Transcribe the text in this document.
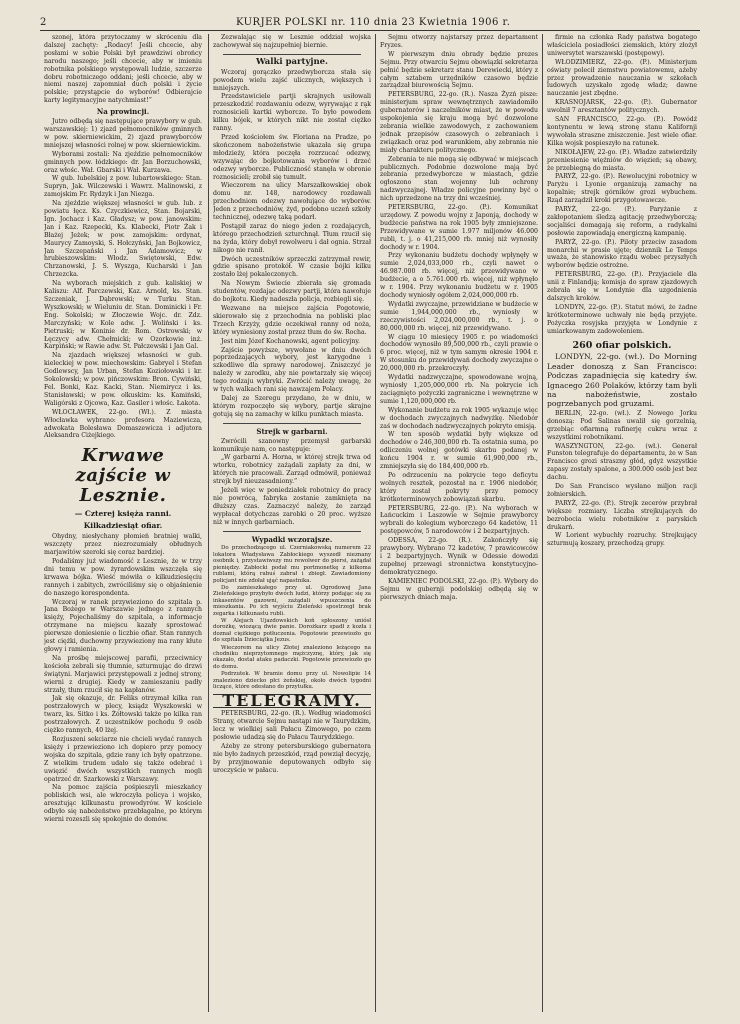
2	KURJER POLSKI nr. 110 dnia 23 Kwietnia 1906 r.

szonej, która przytoczamy w skróceniu dla dalszej zachęty: „Rodacy! Jeśli chcecie, aby posłami w sobie Polski był prawdziwi obrońcy narodu naszego; jeśli chcecie, aby w imieniu robotnika polskiego występowali ludzie, szczerze dobru robotniczego oddani; jeśli chcecie, aby w niemi naszej zapomniał duch polski i życie polskie; przystąpcie do wyborów! Odbierajcie karty legitymacyjne natychmiast!”

Na prowincji.

Jutro odbędą się następujące prawybory w gub. warszawskiej: 1) zjazd pełnomocników gminnych w pow. skierniewickim, 2) zjazd prawyborców mniejszej własności rolnej w pow. skierniewickim.

Wyborami zostali: Na zjeździe pełnomocników gminnych pow. łódzkiego: dr. Jan Borzuchowski, oraz włośc. Wał. Gbarski i Wał. Kurzawa.

W gub. lubelskiej z pow. lubartowskiego: Stan. Supryn, Jak. Wilczewski i Wawrz. Malinowski, z zamojskim Fr. Rydzyk i Jan Niezga.

Na zjeździe większej własności w gub. lub. z powiatu łęcz. Ks. Czyczkiewicz, Stan. Bojarski, Ign. Jochacz i Kaz. Gładysz; w pow. janowskim: Jan i Kaz. Rzepecki, Ks. Klabecki, Piotr Żak i Błażej Jeżek; w pow. zamojskim: ordynat, Maurycy Zamoyski, S. Hołczyński, Jan Bojkowicz, Jan Szczepański i Jan Adamowicz; w hrubieszowskim: Włodz. Swiętowski, Edw. Chrzanowski, J. S. Wyszga, Kucharski i Jan Chrzezcka.

Na wyborach miejskich z gub. kaliskiej w Kaliszu: Alf. Parczewski, Kaz. Arnold, ks. Stan. Szczeniak, J. Dąbrowski; w Turku Stan. Wyszkowski; w Wieluniu dr. Stan. Dominicki i Fr. Eng. Sokolski; w Złoczewie Wojc. dr. Zdz. Marczyński; w Kole adw. J. Woliński i ks. Pietruski; w Koninie dr. Rom. Ostrowski; w Łęczycy adw. Chełmicki; w Ozorkowie inż. Karpiński; w Rawie adw. St. Pałczewski i Jan Gal.

Na zjazdach większej własności w gub. kieleckiej w pow. miechowskim: Gabryel i Stefan Godlewscy, Jan Urban, Stefan Koziołowski i kr. Sokolowski; w pow. pińczowskim: Bron. Cywiński, Fel. Bonki, Kaz. Kacki, Stan. Niemirycz i ks. Stanisławski; w pow. olkuskim: ks. Kamiński, Waligórski z Ojcowa, Kaz. Gasiler i włośc. Łakota.

WŁOCŁAWEK, 22-go. (Wł.). Z miasta Włocławka wybrano: profesora Maziewicza, adwokata Bolesława Domaszewicza i adjutora Aleksandra Ciżejkiego.

Krwawe zajście w Lesznie.
— Czterej księża ranni.
Kilkadziesiąt ofiar.

Ohydny, niesłychany płomień bratniej walki, wszczęty przez niezrozumiały obłudnych marjawitów szeroki się coraz bardziej.

Podaliśmy już wiadomość z Lesznie, że w trzy dni temu w pow. żyrardowskim wszczęła się krwawa bójka. Wieść mówiła o kilkudziesięciu rannych i zabitych, zwróciliśmy się o objaśnienie do naszego korespondenta.

Wczoraj w ranek przywieziono do szpitala p. Jana Bożego w Warszawie jednego z rannych księży, Pojechaliśmy do szpitala, a informacje otrzymane na miejscu kazały sprostować pierwsze doniesienie o liczbie ofiar. Stan rannych jest ciężki, duchowny przywieziony ma rany kłute głowy i ramienia.

Na prośbę miejscowej parafii, przeciwnicy kościoła zebrali się tłumnie, szturmując do drzwi świątyni. Marjawici przystępowali z jednej strony, wierni z drugiej. Kiedy w zamieszaniu padły strzały, tłum rzucił się na kapłanów.

Jak się okazuje, dr. Feliks otrzymał kilka ran postrzałowych w plecy, ksiądz Wyszkowski w twarz, ks. Sitko i ks. Żółtowski także po kilka ran postrzałowych. Z uczestników pochodu 9 osób ciężko rannych, 40 lżej.

Rozjuszeni sekciarze nie chcieli wydać rannych księży i przewieziono ich dopiero przy pomocy wojska do szpitala, gdzie rany ich były opatrzone. Z wielkim trudem udało się także odebrać i uwięzić dwóch wszystkich rannych mogli opatrzeć dr. Szarkowski z Warszawy.

Na pomoc zajścia pośpieszyli mieszkańcy pobliskich wsi, ale wkroczyła policya i wojsko, aresztując kilkunastu prowodyrów. W kościele odbyło się nabożeństwo przebłagalne, po którym wierni rozeszli się spokojnie do domów.

Zezwalając się w Lesznie oddział wojska zachowywał się najzupełniej biernie.

Walki partyjne.

Wczoraj gorączko przedwyborcza stała się powodem wielu zajść ulicznych, większych i mniejszych.

Przedstawiciele partji skrajnych usiłowali przeszkodzić rozdawaniu odezw, wyrywając z rąk roznosicieli kartki wyborcze. To było powodem kilku bójek, w których nikt nie został ciężko ranny.

Przed kościołem św. Floriana na Pradze, po skończonem nabożeństwie ukazała się grupa młodzieży, która poczęła rozrzucać odezwy, wzywając do bojkotowania wyborów i drzeć odezwy wyborcze. Publiczność stanęła w obronie roznosicieli; zrobił się tumult.

Wieczorem na ulicy Marszałkowskiej obok domu nr. 148, narodowcy rozdawali przechodniom odezwy nawołujące do wyborów. Jeden z przechodniów, żyd, podobno uczeń szkoły technicznej, odezwę taką podarł.

Postąpił zaraz do niego jeden z rozdających, którego przechodzień szturchnął. Tłum rzucił się na żyda, który dobył rewolweru i dał ognia. Strzał nikogo nie ranił.

Dwóch uczestników sprzeczki zatrzymał rewir, gdzie spisano protokół. W czasie bójki kilku zostało lżej pokaleczonych.

Na Nowym Świecie zbierała się gromada studentów, rozdając odezwy partji, która nawołuje do bojkotu. Kiedy nadeszła policja, rozbiegli się.

Wezwane na miejsce zajścia Pogotowie, skierowało się z przechodnia na pobliski plac Trzech Krzyży, gdzie oczekiwał ranny od noża, który wyniesiony został przez tłum do św. Rocha.

Jest nim Józef Kochanowski, agent policyjny.

Zajście powyższe, wywołane w dniu dwóch poprzedzających wybory, jest karygodne i szkodliwe dla sprawy narodowej. Zniszczyć je należy w zarodku, aby nie powtarzały się więcej tego rodzaju wybryki. Zwrócić należy uwagę, że w tych walkach rani się nawzajem Polacy.

Dalej ze Szeregu przydano, że w dniu, w którym rozpoczęło się wybory, partje skrajne gotują się na zamachy w kilku punktach miasta.

Strejk w garbarni.

Zwrócili szanowny przemysł garbarski komunikuje nam, co następuje:

„W garbarni A. Horna, w której strejk trwa od wtorku, robotnicy zażądali zapłaty za dni, w których nie pracowali. Zarząd odmówił, ponieważ strejk był nieuzasadniony.”

Jeżeli więc w poniedziałek robotnicy do pracy nie powrócą, fabryka zostanie zamknięta na dłuższy czas. Zaznaczyć należy, że zarząd wypłacał dotychczas zarobki o 20 proc. wyższe niż w innych garbarniach.

Wypadki wczorajsze.

Do przechodzącego ul. Czerniakowską numerem 22 lokatora Władysława Zabłockiego wyszedł nieznany osobnik i, przystawiwszy mu rewolwer do piersi, zażądał pieniędzy. Zabłocki podał mu portmonetkę z kilkoma rublami, którą rabuś zabrał i zbiegł. Zawiadomiony policjant nie zdołał ująć napastnika.

Do zamieszkałego przy ul. Ogrodowej Jana Zieleńskiego przybyło dwóch ludzi, którzy podając się za inkasentów gazowni, zażądali wpuszczenia do mieszkania. Po ich wyjściu Zieleński spostrzegł brak zegarka i kilkunastu rubli.

W Alejach Ujazdowskich koń spłoszony uniósł dorożkę, wiozącą dwie panie. Dorożkarz spadł z kozła i doznał ciężkiego potłuczenia. Pogotowie przewiozło go do szpitala Dzieciątka Jezus.

Wieczorem na ulicy Złotej znaleziono leżącego na chodniku nieprzytomnego mężczyznę, który, jak się okazało, dostał ataku padaczki. Pogotowie przewiozło go do domu.

Podrzutek. W bramie domu przy ul. Nowolipie 14 znaleziono dziecko płci żeńskiej, około dwóch tygodni liczące, które odesłano do przytułku.

TELEGRAMY.

PETERSBURG, 22-go. (R.). Według wiadomości Strany, otwarcie Sejmu nastąpi nie w Taurydzkim, lecz w wielkiej sali Pałacu Zimowego, po czem posłowie udadzą się do Pałacu Taurydzkiego.

Ażeby ze strony petersburskiego gubernatora nie było żadnych przeszkód, rząd powziął decyzję, by przyjmowanie deputowanych odbyło się uroczyście w pałacu.

Sejmu otworzy najstarszy przez departament Fryzes.

W pierwszym dniu obrady będzie prezes Sejmu. Przy otwarciu Sejmu obowiązki sekretarza pełnić będzie sekretarz stanu Derewiecki, który z całym sztabem urzędników czasowo będzie zarządzał biurowością Sejmu.

PETERSBURG, 22-go. (R.). Nasza Żyzń pisze: ministerjum spraw wewnętrznych zawiadomiło gubernatorów i naczelników miast, że w powodu uspokojenia się kraju mogą być dozwolone zebrania wielkie zawodowych, z zachowaniem jednak przepisów czasowych o zebraniach i związkach oraz pod warunkiem, aby zebrania nie miały charakteru politycznego.

Zebrania te nie mogą się odbywać w miejscach publicznych. Podobnie dozwolone mają być zebrania przedwyborcze w miastach, gdzie ogłoszono stan wojenny lub ochrony nadzwyczajnej. Władze policyjne powinny być o nich uprzedzone na trzy dni wcześniej.

PETERSBURG, 22-go. (P.). Komunikat urzędowy. Z powodu wojny z Japonją, dochody w budżecie państwa na rok 1905 były zmniejszone. Przewidywane w sumie 1.977 miljonów 46.000 rubli, t. j. o 41,215,000 rb. mniej niż wynosiły dochody w r. 1904.

Przy wykonaniu budżetu dochody wpłynęły w sumie 2,024,033,000 rb., czyli nawet o 46.987.000 rb. więcej, niż przewidywano w budżecie, a o 5.761.000 rb. więcej, niż wpłynęło w r. 1904. Przy wykonaniu budżetu w r. 1905 dochody wyniosły ogółem 2,024,000,000 rb.

Wydatki zwyczajne, przewidziane w budżecie w sumie 1,944,000,000 rb., wyniosły w rzeczywistości 2,024,000,000 rb., t. j. o 80,000,000 rb. więcej, niż przewidywano.

W ciągu 10 miesięcy 1905 r. po wiadomości dochodów wynosiło 89,500,000 rb., czyli prawie o 6 proc. więcej, niż w tym samym okresie 1904 r. W stosunku do przewidywań dochody zwyczajne o 20,000,000 rb. przekroczyły.

Wydatki nadzwyczajne, spowodowane wojną, wyniosły 1,205,000,000 rb. Na pokrycie ich zaciągnięto pożyczki zagraniczne i wewnętrzne w sumie 1,120,000,000 rb.

Wykonanie budżetu za rok 1905 wykazuje więc w dochodach zwyczajnych nadwyżkę. Niedobór zaś w dochodach nadzwyczajnych pokryto emisją.

W ten sposób wydatki były większe od dochodów o 246,300,000 rb. Ta ostatnia suma, po odliczeniu wolnej gotówki skarbu podanej w końcu 1904 r. w sumie 61,900,000 rb., zmniejszyła się do 184,400,000 rb.

Po odrzuceniu na pokrycie tego deficytu wolnych resztek, pozostał na r. 1906 niedobór, który został pokryty przy pomocy krótkoterminowych zobowiązań skarbu.

PETERSBURG, 22-go. (P.). Na wyborach w Łańcuckim i Laszowie w Sejmie prawyborcy wybrali do kolegium wyborczego 64 kadetów, 11 postępowców, 5 narodowców i 2 bezpartyjnych.

ODESSA, 22-go. (R.). Zakończyły się prawybory. Wybrano 72 kadetów, 7 prawicowców i 2 bezpartyjnych. Wynik w Odessie dowodzi zupełnej przewagi stronnictwa konstytucyjno-demokratycznego.

KAMIENIEC PODOLSKI, 22-go. (P.). Wybory do Sejmu w gubernji podolskiej odbędą się w pierwszych dniach maja.

firmie na członka Rady państwa bogatego właściciela posiadłości ziemskich, który złożył uniwersytet warszawski (postępowy).

WŁODZIMIERZ, 22-go. (P.). Ministerjum oświaty polecił ziemstwu powiatowemu, ażeby przez prowadzenie nauczania w szkołach ludowych uzyskało zgodę władz; dawne nauczanie jest zbędne.

KRASNOJARSK, 22-go. (P.). Gubernator uwolnił 7 aresztantów politycznych.

SAN FRANCISCO, 22-go. (P.). Powódź kontynentu w lewą stronę stanu Kalifornji wywołała straszne zniszczenie. Jest wiele ofiar. Kilka wojsk pospieszyło na ratunek.

NIKOŁAJEW, 22-go. (P.). Władze zatwierdziły przeniesienie więźniów do więzień; są obawy, że przebiegną do miasta.

PARYŻ, 22-go. (P.). Rewolucyjni robotnicy w Paryżu i Lyonie organizują zamachy na kopalnie; strejk górników grozi wybuchem. Rząd zarządził kroki przygotowawcze.

PARYŻ, 22-go. (P.). Paryżanie z zakłopotaniem śledzą agitację przedwyborczą; socjaliści domagają się reform, a radykalni posłowie zapowiadają energiczną kampanię.

PARYŻ, 22-go. (P.). Piloty przeciw zasadom monarchii w prasie ujęte; dziennik Le Temps uważa, że stanowisko rządu wobec przyszłych wyborów będzie ostrożne.

PETERSBURG, 22-go. (P.). Przyjaciele dla unii z Finlandją; komisja do spraw zjazdowych zebrała się w Londynie dla uzgodnienia dalszych kroków.

LONDYN, 22-go. (P.). Statut mówi, że żadne krótkoterminowe uchwały nie będą przyjęte. Pożyczka rosyjska przyjęta w Londynie z umiarkowanym zadowoleniem.

260 ofiar polskich.

LONDYN, 22-go. (wł.). Do Morning Leader donoszą z San Francisco: Podczas zapadnięcia się katedry św. Ignacego 260 Polaków, którzy tam byli na nabożeństwie, zostało pogrzebanych pod gruzami.

BERLIN, 22-go. (wł.). Z Nowego Jorku donoszą: Pod Salinas uwalił się gorzelnią, grzebiąc ofiarmną rafinerję cukru wraz z wszystkimi robotnikami.

WASZYNGTON, 22-go. (wł.). Generał Funston telegrafuje do departamentu, że w San Francisco grozi straszny głód, gdyż wszystkie zapasy zostały spalone, a 300.000 osób jest bez dachu.

Do San Francisco wysłano miljon racji żołnierskich.

PARYŻ, 22-go. (P.). Strejk zecerów przybrał większe rozmiary. Liczba strejkujących do bezrobocia wielu robotników z paryskich drukarń.

W Lorient wybuchły rozruchy. Strejkujący szturmują koszary, przechodzą grupy.
